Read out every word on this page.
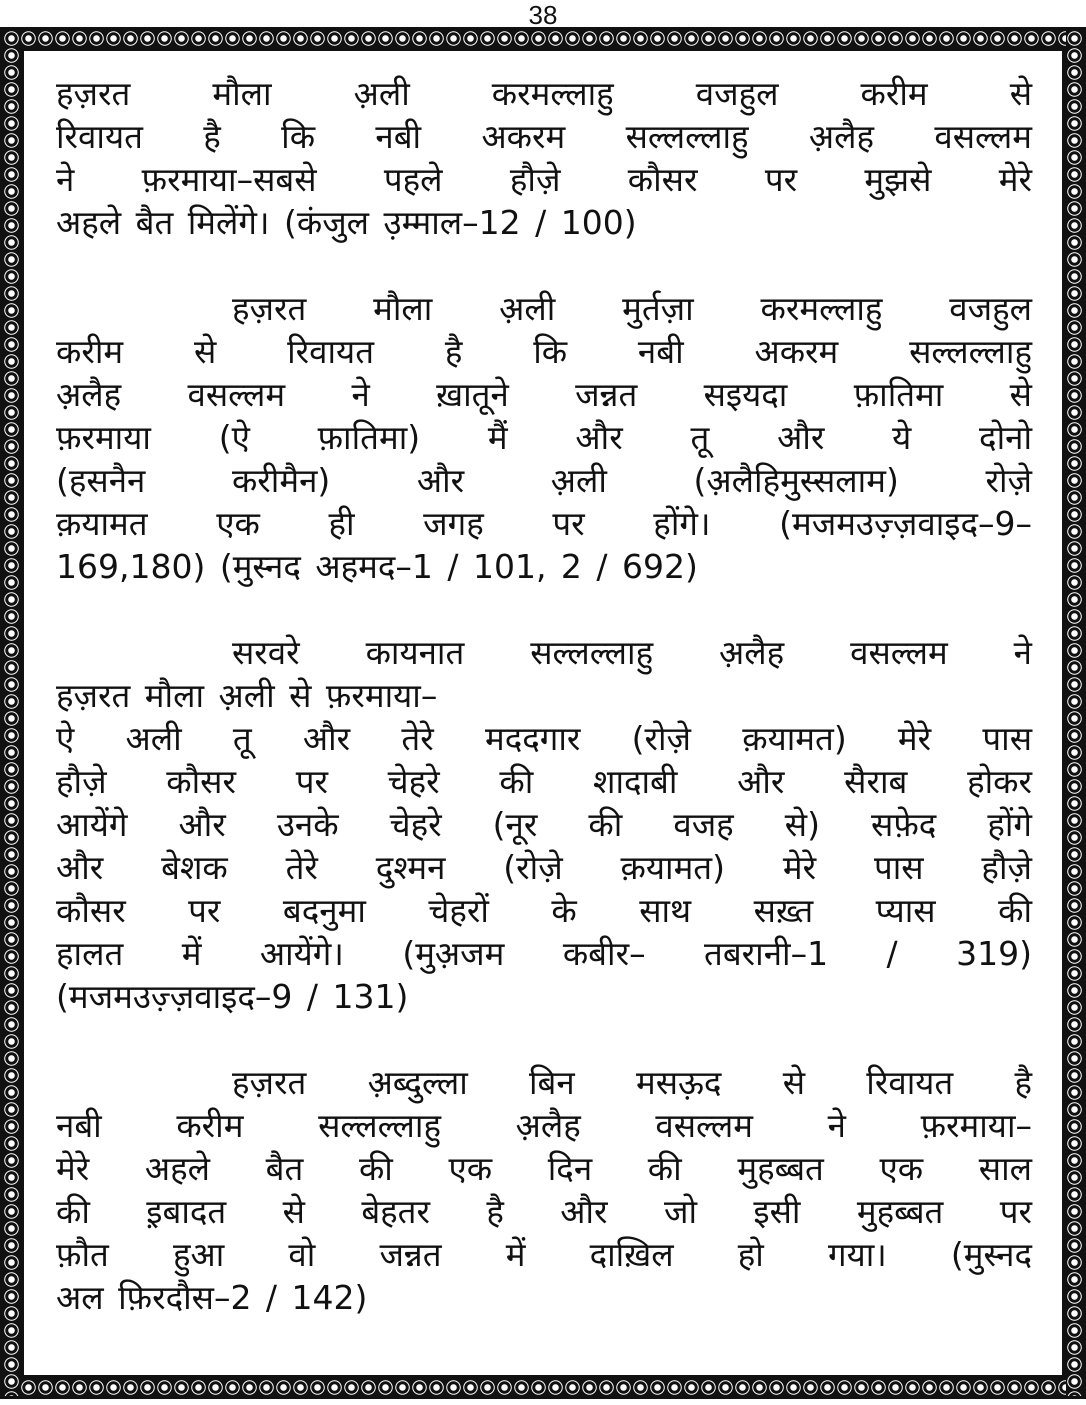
38
हज़रत मौला अ़ली करमल्लाहु वजहुल करीम से
रिवायत है कि नबी अकरम सल्लल्लाहु अ़लैह वसल्लम
ने फ़रमाया–सबसे पहले हौज़े कौसर पर मुझसे मेरे
अहले बैत मिलेंगे। (कंजुल उ़म्माल–12 / 100)
हज़रत मौला अ़ली मुर्तज़ा करमल्लाहु वजहुल
करीम से रिवायत है कि नबी अकरम सल्लल्लाहु
अ़लैह वसल्लम ने ख़ातूने जन्नत सइयदा फ़ातिमा से
फ़रमाया (ऐ फ़ातिमा) मैं और तू और ये दोनो
(हसनैन करीमैन) और अ़ली (अ़लैहिमुस्सलाम) रोज़े
क़यामत एक ही जगह पर होंगे। (मजमउज़्ज़वाइद–9–
169,180) (मुस्नद अहमद–1 / 101, 2 / 692)
सरवरे कायनात सल्लल्लाहु अ़लैह वसल्लम ने
हज़रत मौला अ़ली से फ़रमाया–
ऐ अली तू और तेरे मददगार (रोज़े क़यामत) मेरे पास
हौज़े कौसर पर चेहरे की शादाबी और सैराब होकर
आयेंगे और उनके चेहरे (नूर की वजह से) सफ़ेद होंगे
और बेशक तेरे दुश्मन (रोज़े क़यामत) मेरे पास हौज़े
कौसर पर बदनुमा चेहरों के साथ सख़्त प्यास की
हालत में आयेंगे। (मुअ़जम कबीर– तबरानी–1 / 319)
(मजमउज़्ज़वाइद–9 / 131)
हज़रत अ़ब्दुल्ला बिन मसऊ़द से रिवायत है
नबी करीम सल्लल्लाहु अ़लैह वसल्लम ने फ़रमाया–
मेरे अहले बैत की एक दिन की मुहब्बत एक साल
की इ़बादत से बेहतर है और जो इसी मुहब्बत पर
फ़ौत हुआ वो जन्नत में दाख़िल हो गया। (मुस्नद
अल फ़िरदौस–2 / 142)
